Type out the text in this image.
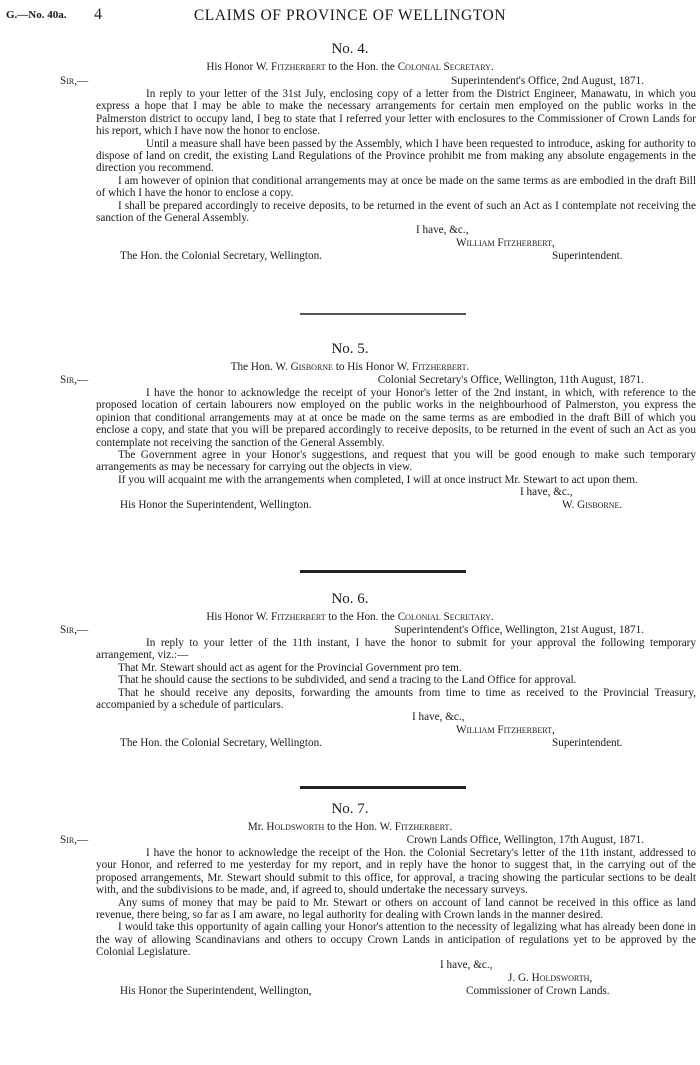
G.—No. 40a. 4	CLAIMS OF PROVINCE OF WELLINGTON
No. 4.
His Honor W. Fitzherbert to the Hon. the Colonial Secretary.
Sir,—	Superintendent's Office, 2nd August, 1871.

In reply to your letter of the 31st July, enclosing copy of a letter from the District Engineer, Manawatu, in which you express a hope that I may be able to make the necessary arrangements for certain men employed on the public works in the Palmerston district to occupy land, I beg to state that I referred your letter with enclosures to the Commissioner of Crown Lands for his report, which I have now the honor to enclose.

Until a measure shall have been passed by the Assembly, which I have been requested to introduce, asking for authority to dispose of land on credit, the existing Land Regulations of the Province prohibit me from making any absolute engagements in the direction you recommend.

I am however of opinion that conditional arrangements may at once be made on the same terms as are embodied in the draft Bill of which I have the honor to enclose a copy.

I shall be prepared accordingly to receive deposits, to be returned in the event of such an Act as I contemplate not receiving the sanction of the General Assembly.

I have, &c.,
William Fitzherbert,
The Hon. the Colonial Secretary, Wellington.	Superintendent.
No. 5.
The Hon. W. Gisborne to His Honor W. Fitzherbert.
Sir,—	Colonial Secretary's Office, Wellington, 11th August, 1871.

I have the honor to acknowledge the receipt of your Honor's letter of the 2nd instant, in which, with reference to the proposed location of certain labourers now employed on the public works in the neighbourhood of Palmerston, you express the opinion that conditional arrangements may at at once be made on the same terms as are embodied in the draft Bill of which you enclose a copy, and state that you will be prepared accordingly to receive deposits, to be returned in the event of such an Act as you contemplate not receiving the sanction of the General Assembly.

The Government agree in your Honor's suggestions, and request that you will be good enough to make such temporary arrangements as may be necessary for carrying out the objects in view.

If you will acquaint me with the arrangements when completed, I will at once instruct Mr. Stewart to act upon them.

I have, &c.,
His Honor the Superintendent, Wellington.	W. Gisborne.
No. 6.
His Honor W. Fitzherbert to the Hon. the Colonial Secretary.
Sir,—	Superintendent's Office, Wellington, 21st August, 1871.

In reply to your letter of the 11th instant, I have the honor to submit for your approval the following temporary arrangement, viz.:—

That Mr. Stewart should act as agent for the Provincial Government pro tem.

That he should cause the sections to be subdivided, and send a tracing to the Land Office for approval.

That he should receive any deposits, forwarding the amounts from time to time as received to the Provincial Treasury, accompanied by a schedule of particulars.

I have, &c.,
William Fitzherbert,
The Hon. the Colonial Secretary, Wellington.	Superintendent.
No. 7.
Mr. Holdsworth to the Hon. W. Fitzherbert.
Sir,—	Crown Lands Office, Wellington, 17th August, 1871.

I have the honor to acknowledge the receipt of the Hon. the Colonial Secretary's letter of the 11th instant, addressed to your Honor, and referred to me yesterday for my report, and in reply have the honor to suggest that, in the carrying out of the proposed arrangements, Mr. Stewart should submit to this office, for approval, a tracing showing the particular sections to be dealt with, and the subdivisions to be made, and, if agreed to, should undertake the necessary surveys.

Any sums of money that may be paid to Mr. Stewart or others on account of land cannot be received in this office as land revenue, there being, so far as I am aware, no legal authority for dealing with Crown lands in the manner desired.

I would take this opportunity of again calling your Honor's attention to the necessity of legalizing what has already been done in the way of allowing Scandinavians and others to occupy Crown Lands in anticipation of regulations yet to be approved by the Colonial Legislature.

I have, &c.,
J. G. Holdsworth,
His Honor the Superintendent, Wellington,	Commissioner of Crown Lands.
